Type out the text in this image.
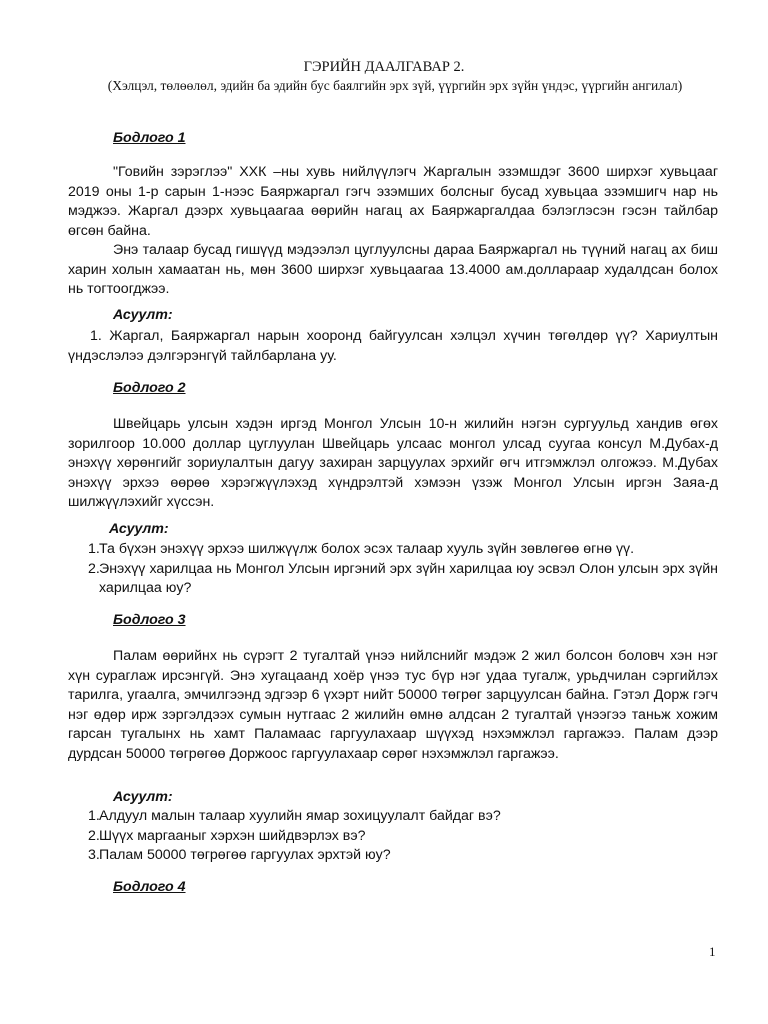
ГЭРИЙН ДААЛГАВАР 2.
(Хэлцэл, төлөөлөл, эдийн ба эдийн бус баялгийн эрх зүй, үүргийн эрх зүйн үндэс, үүргийн ангилал)
Бодлого 1

"Говийн зэрэглээ" ХХК –ны хувь нийлүүлэгч Жаргалын эзэмшдэг 3600 ширхэг хувьцааг 2019 оны 1-р сарын 1-нээс Баяржаргал гэгч эзэмших болсныг бусад хувьцаа эзэмшигч нар нь мэджээ. Жаргал дээрх хувьцаагаа өөрийн нагац ах Баяржаргалдаа бэлэглэсэн гэсэн тайлбар өгсөн байна.

Энэ талаар бусад гишүүд мэдээлэл цуглуулсны дараа Баяржаргал нь түүний нагац ах биш харин холын хамаатан нь, мөн 3600 ширхэг хувьцаагаа 13.4000 ам.доллараар худалдсан болох нь тогтоогджээ.

Асуулт:
1. Жаргал, Баяржаргал нарын хооронд байгуулсан хэлцэл хүчин төгөлдөр үү? Хариултын үндэслэлээ дэлгэрэнгүй тайлбарлана уу.
Бодлого 2

Швейцарь улсын хэдэн иргэд Монгол Улсын 10-н жилийн нэгэн сургуульд хандив өгөх зорилгоор 10.000 доллар цуглуулан Швейцарь улсаас монгол улсад суугаа консул М.Дубах-д энэхүү хөрөнгийг зориулалтын дагуу захиран зарцуулах эрхийг өгч итгэмжлэл олгожээ. М.Дубах энэхүү эрхээ өөрөө хэрэгжүүлэхэд хүндрэлтэй хэмээн үзэж Монгол Улсын иргэн Заяа-д шилжүүлэхийг хүссэн.

Асуулт:
1. Та бүхэн энэхүү эрхээ шилжүүлж болох эсэх талаар хууль зүйн зөвлөгөө өгнө үү.
2. Энэхүү харилцаа нь Монгол Улсын иргэний эрх зүйн харилцаа юу эсвэл Олон улсын эрх зүйн харилцаа юу?
Бодлого 3

Палам өөрийнх нь сүрэгт 2 тугалтай үнээ нийлснийг мэдэж 2 жил болсон боловч хэн нэг хүн сураглаж ирсэнгүй. Энэ хугацаанд хоёр үнээ тус бүр нэг удаа тугалж, урьдчилан сэргийлэх тарилга, угаалга, эмчилгээнд эдгээр 6 үхэрт нийт 50000 төгрөг зарцуулсан байна. Гэтэл Дорж гэгч нэг өдөр ирж зэргэлдээх сумын нутгаас 2 жилийн өмнө алдсан 2 тугалтай үнээгээ таньж хожим гарсан тугалынх нь хамт Паламаас гаргуулахаар шүүхэд нэхэмжлэл гаргажээ. Палам дээр дурдсан 50000 төгрөгөө Доржоос гаргуулахаар сөрөг нэхэмжлэл гаргажээ.

Асуулт:
1. Алдуул малын талаар хуулийн ямар зохицуулалт байдаг вэ?
2. Шүүх маргааныг хэрхэн шийдвэрлэх вэ?
3. Палам 50000 төгрөгөө гаргуулах эрхтэй юу?
Бодлого 4
1
